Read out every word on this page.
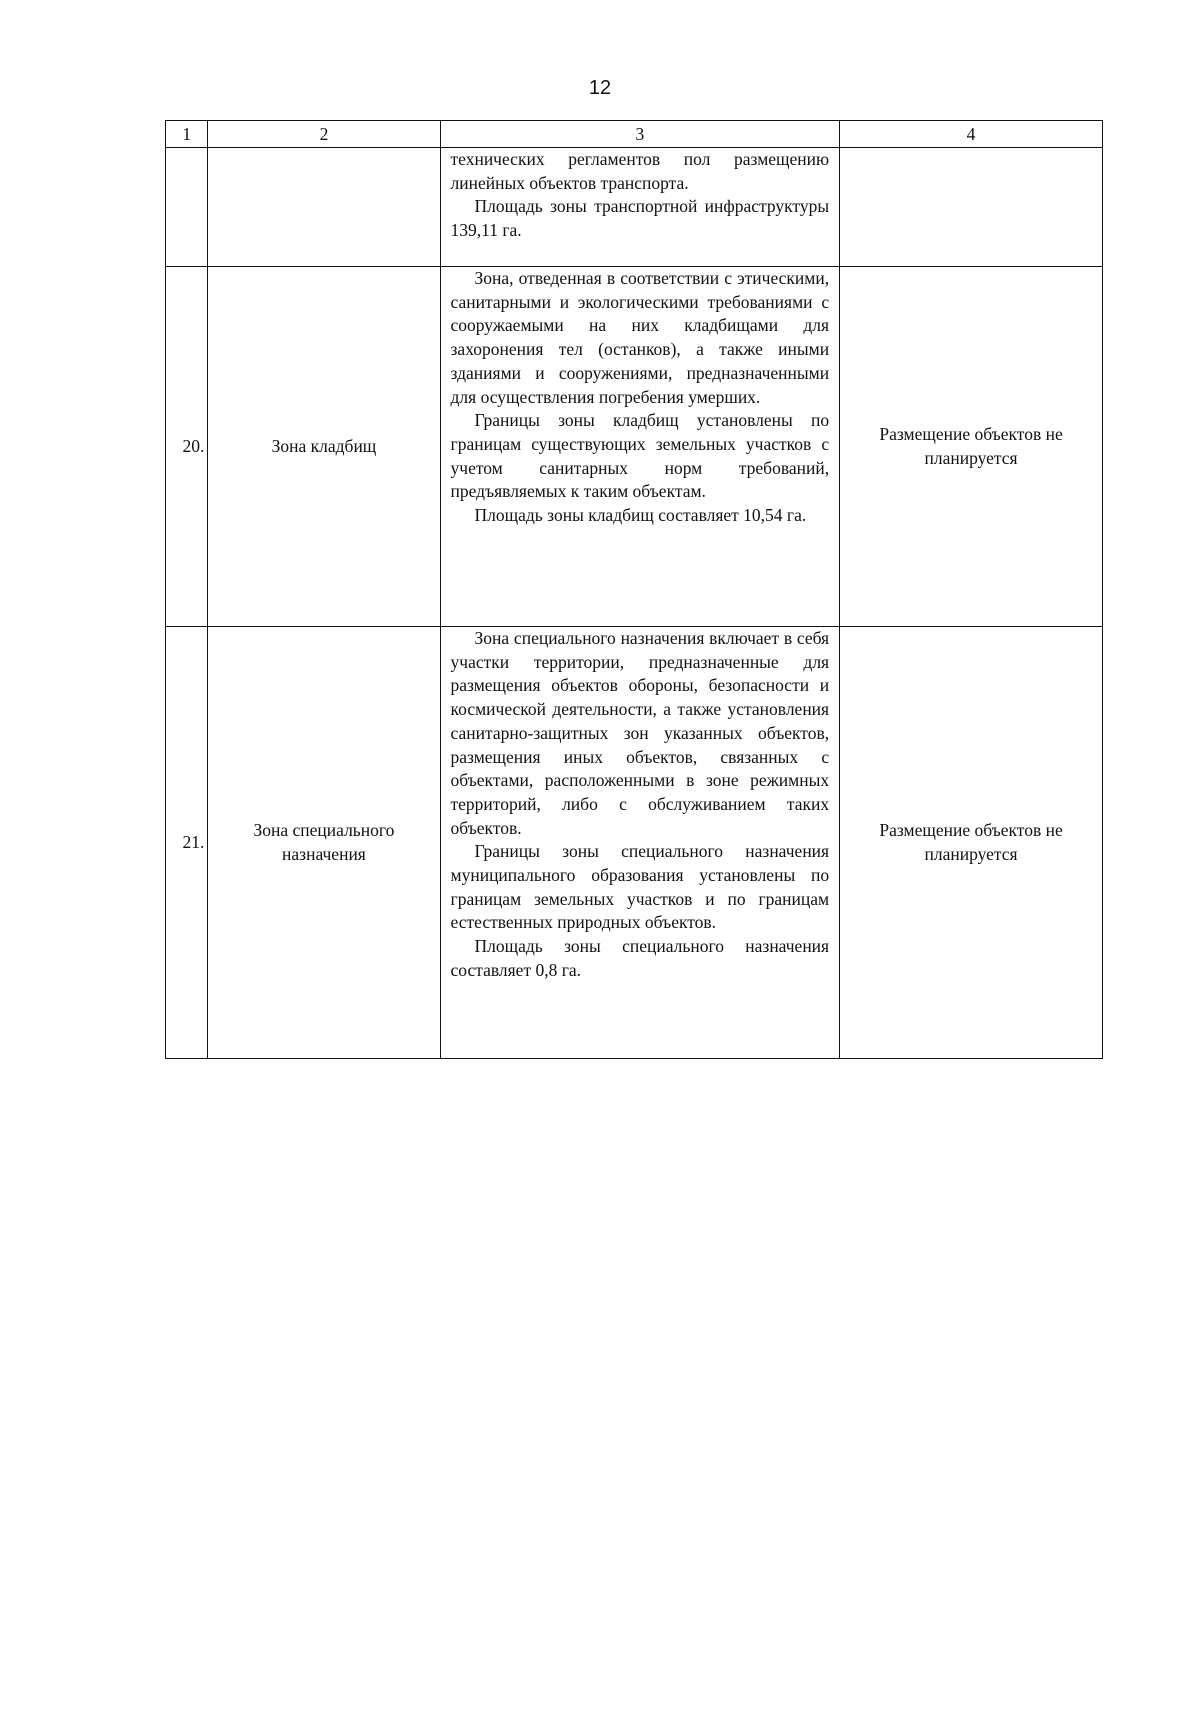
12
1	2	3	4

		технических регламентов пол размещению линейных объектов транспорта.

Площадь зоны транспортной инфраструктуры 139,11 га.	

20.	Зона кладбищ	Зона, отведенная в соответствии с этическими, санитарными и экологическими требованиями с сооружаемыми на них кладбищами для захоронения тел (останков), а также иными зданиями и сооружениями, предназначенными для осуществления погребения умерших.

Границы зоны кладбищ установлены по границам существующих земельных участков с учетом санитарных норм требований, предъявляемых к таким объектам.

Площадь зоны кладбищ составляет 10,54 га.	Размещение объектов не планируется
21.	Зона специального назначения	Зона специального назначения включает в себя участки территории, предназначенные для размещения объектов обороны, безопасности и космической деятельности, а также установления санитарно-защитных зон указанных объектов, размещения иных объектов, связанных с объектами, расположенными в зоне режимных территорий, либо с обслуживанием таких объектов.

Границы зоны специального назначения муниципального образования установлены по границам земельных участков и по границам естественных природных объектов.

Площадь зоны специального назначения составляет 0,8 га.	Размещение объектов не планируется
